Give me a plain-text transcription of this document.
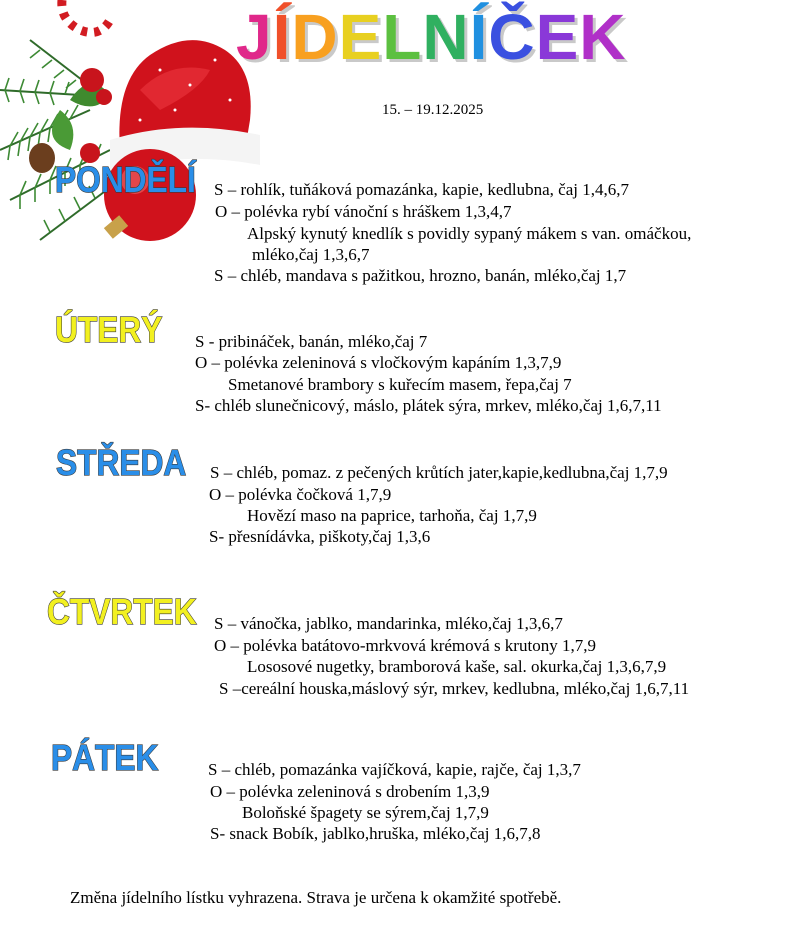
JÍDELNÍČEK
15. – 19.12.2025
PONDĚLÍ S – rohlík, tuňáková pomazánka, kapie, kedlubna, čaj 1,4,6,7
O – polévka rybí vánoční s hráškem 1,3,4,7
Alpský kynutý knedlík s povidly sypaný mákem s van. omáčkou,
mléko,čaj 1,3,6,7
S – chléb, mandava s pažitkou, hrozno, banán, mléko,čaj 1,7
ÚTERÝ S - pribináček, banán, mléko,čaj 7
O – polévka zeleninová s vločkovým kapáním 1,3,7,9
Smetanové brambory s kuřecím masem, řepa,čaj 7
S- chléb slunečnicový, máslo, plátek sýra, mrkev, mléko,čaj 1,6,7,11
STŘEDA S – chléb, pomaz. z pečených krůtích jater,kapie,kedlubna,čaj 1,7,9
O – polévka čočková 1,7,9
Hovězí maso na paprice, tarhoňa, čaj 1,7,9
S- přesnídávka, piškoty,čaj 1,3,6
ČTVRTEK S – vánočka, jablko, mandarinka, mléko,čaj 1,3,6,7
O – polévka batátovo-mrkvová krémová s krutony 1,7,9
Lososové nugetky, bramborová kaše, sal. okurka,čaj 1,3,6,7,9
S –cereální houska,máslový sýr, mrkev, kedlubna, mléko,čaj 1,6,7,11
PÁTEK	S – chléb, pomazánka vajíčková, kapie, rajče, čaj 1,3,7
O – polévka zeleninová s drobením 1,3,9
Boloňské špagety se sýrem,čaj 1,7,9
S- snack Bobík, jablko,hruška, mléko,čaj 1,6,7,8
Změna jídelního lístku vyhrazena. Strava je určena k okamžité spotřebě.
